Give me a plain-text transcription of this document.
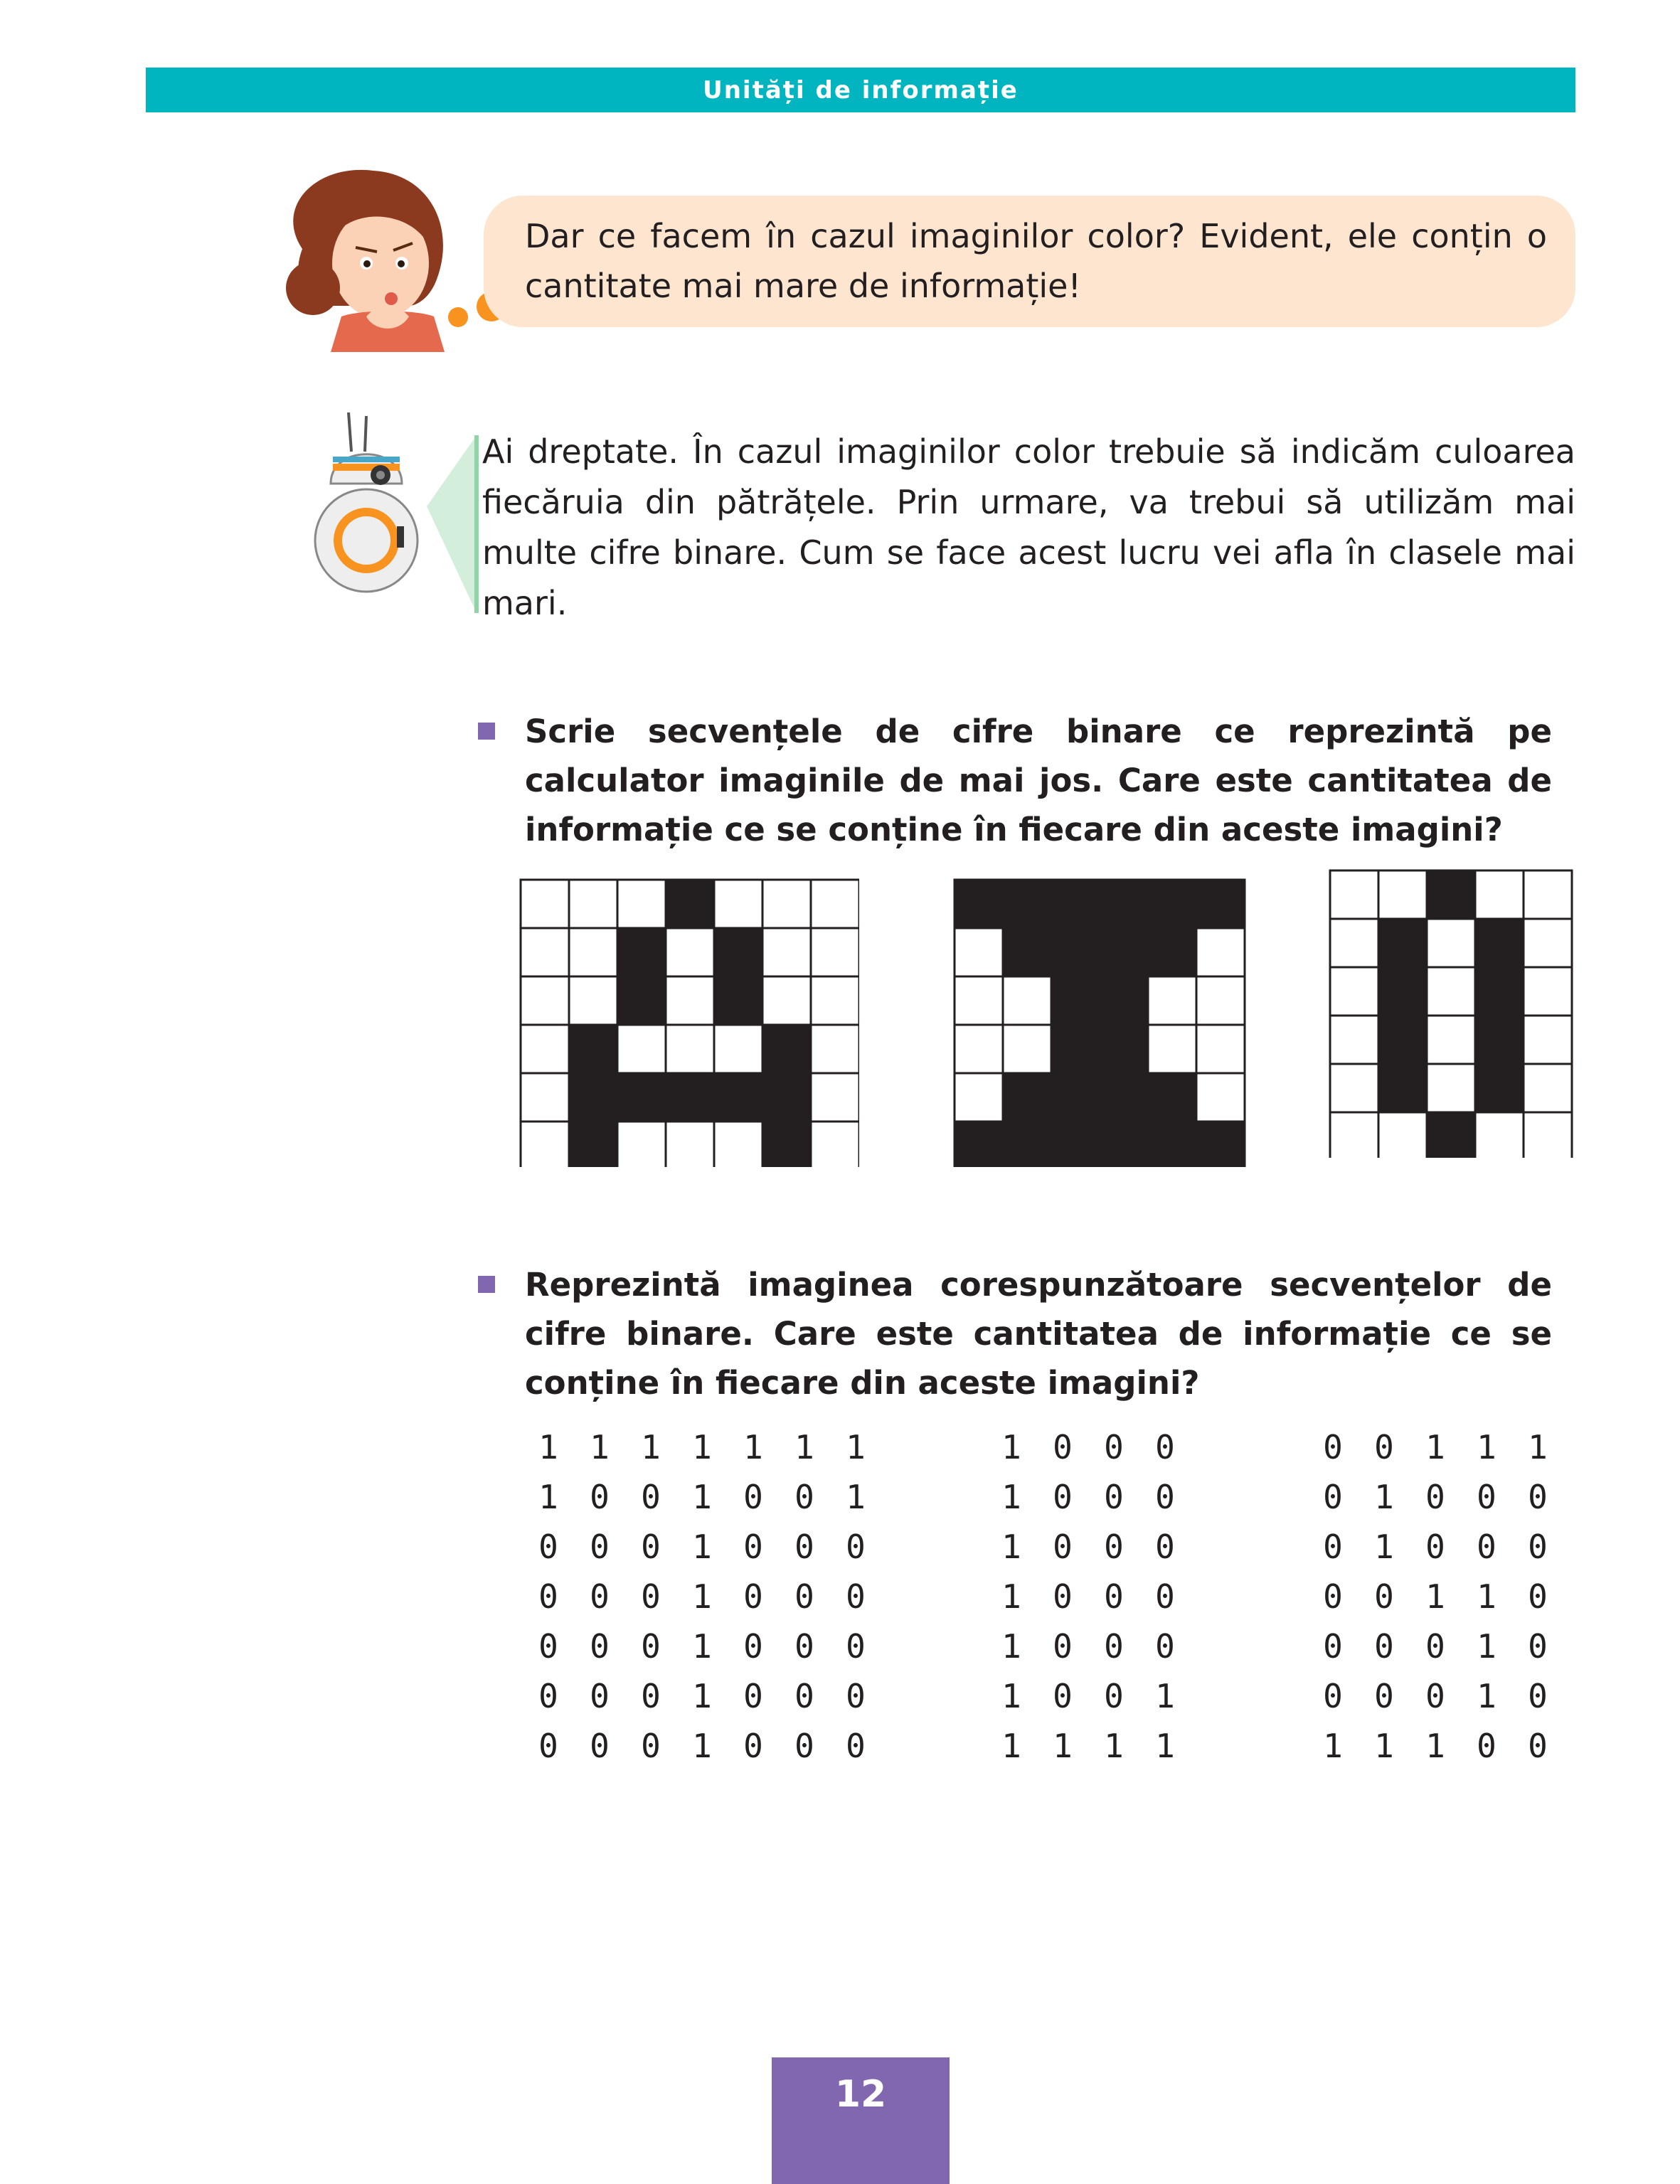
Unități de informație
Dar ce facem în cazul imaginilor color? Evident, ele conțin o cantitate mai mare de informație!
Ai dreptate. În cazul imaginilor color trebuie să indicăm culoarea fiecăruia din pătrățele. Prin urmare, va trebui să utilizăm mai multe cifre binare. Cum se face acest lucru vei afla în clasele mai mari.
Scrie secvențele de cifre binare ce reprezintă pe calculator imaginile de mai jos. Care este cantitatea de informație ce se conține în fiecare din aceste imagini?
Reprezintă imaginea corespunzătoare secvențelor de cifre binare. Care este cantitatea de informație ce se conține în fiecare din aceste imagini?
1 1 1 1 1 1 1
1 0 0 1 0 0 1
0 0 0 1 0 0 0
0 0 0 1 0 0 0
0 0 0 1 0 0 0
0 0 0 1 0 0 0
0 0 0 1 0 0 0
1 0 0 0
1 0 0 0
1 0 0 0
1 0 0 0
1 0 0 0
1 0 0 1
1 1 1 1
0 0 1 1 1
0 1 0 0 0
0 1 0 0 0
0 0 1 1 0
0 0 0 1 0
0 0 0 1 0
1 1 1 0 0
12
